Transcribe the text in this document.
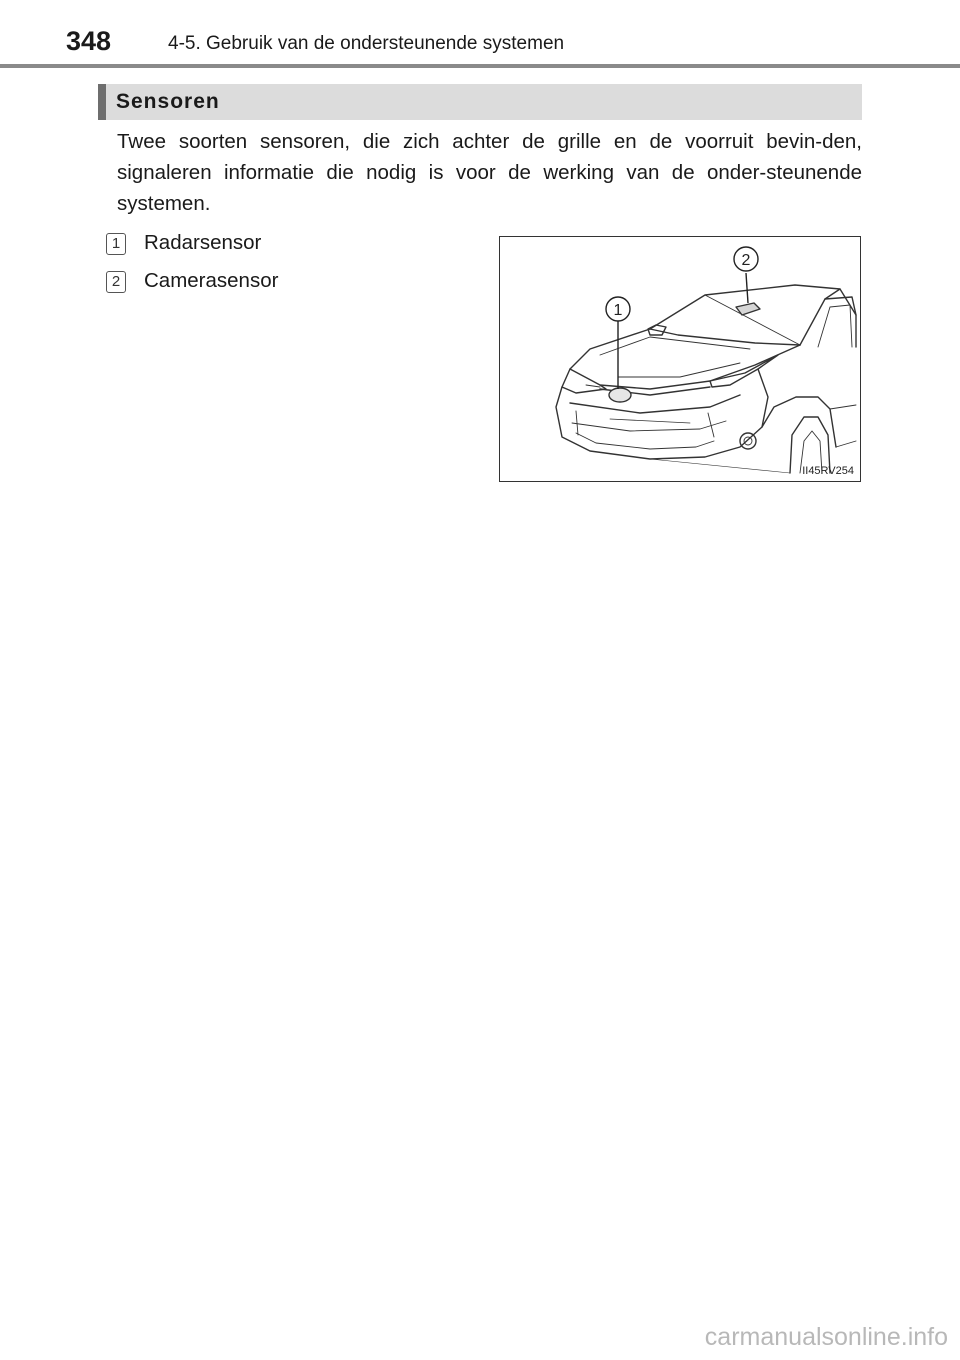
348	4-5. Gebruik van de ondersteunende systemen
Sensoren
Twee soorten sensoren, die zich achter de grille en de voorruit bevin-den, signaleren informatie die nodig is voor de werking van de onder-steunende systemen.
1 Radarsensor
2 Camerasensor
1
2
II45RV254
carmanualsonline.info
